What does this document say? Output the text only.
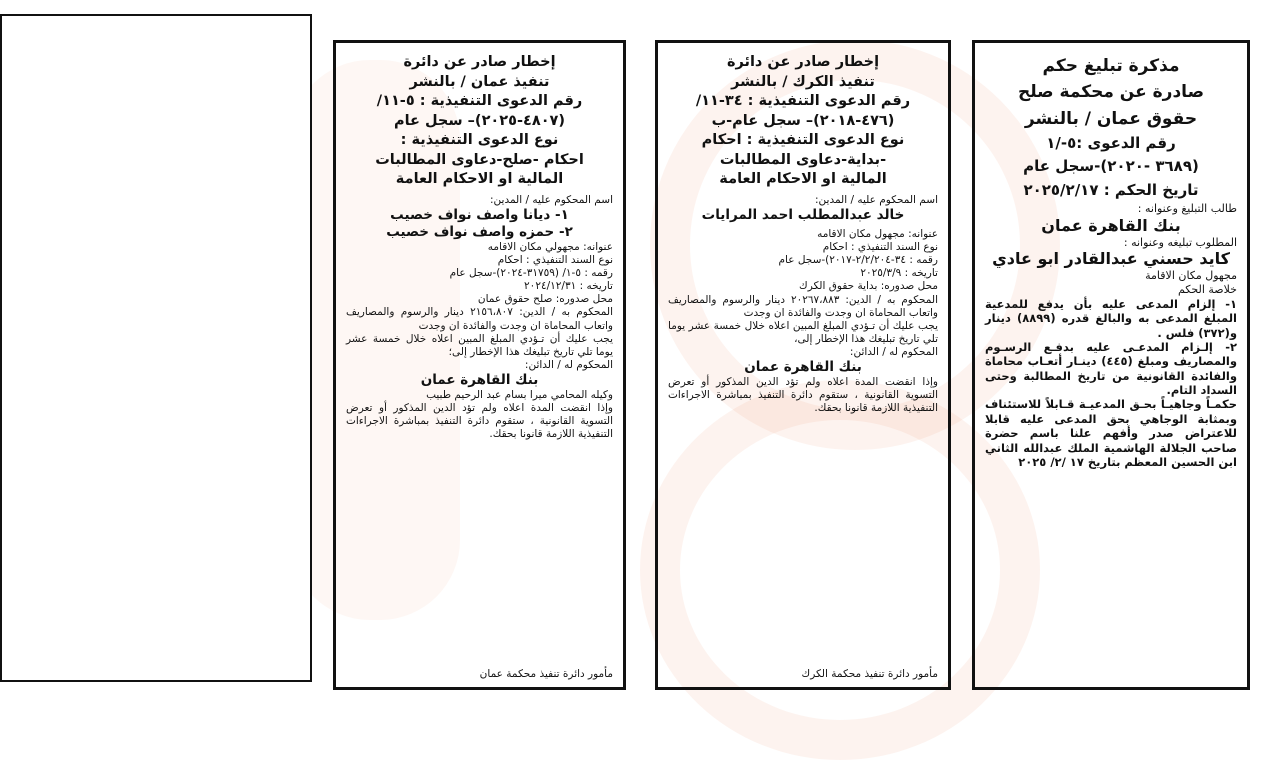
إخطار صادر عن دائرة
تنفيذ عمان / بالنشر
رقم الدعوى التنفيذية : ٥-١١/
(٤٨٠٧-٢٠٢٥)– سجل عام
نوع الدعوى التنفيذية :
احكام -صلح-دعاوى المطالبات
المالية او الاحكام العامة
اسم المحكوم عليه / المدين:
١- ديانا واصف نواف خصيب
٢- حمزه واصف نواف خصيب
عنوانه: مجهولي مكان الاقامه
نوع السند التنفيذي : احكام
رقمه : ٥-١/ (٣١٧٥٩-٢٠٢٤)-سجل عام
تاريخه : ٢٠٢٤/١٢/٣١
محل صدوره: صلح حقوق عمان
المحكوم به / الدين: ٢١٥٦،٨٠٧ دينار والرسوم والمصاريف واتعاب المحاماة ان وجدت والفائدة ان وجدت
يجب عليك أن تـؤدي المبلغ المبين اعلاه خلال خمسة عشر يوما تلي تاريخ تبليغك هذا الإخطار إلى؛
المحكوم له / الدائن:
بنك القاهرة عمان
وكيله المحامي ميرا بسام عبد الرحيم طبيب
وإذا انقضت المدة اعلاه ولم تؤد الدين المذكور أو تعرض التسوية القانونية ، ستقوم دائرة التنفيذ بمباشرة الاجراءات التنفيذية اللازمة قانونا بحقك.
مأمور دائرة تنفيذ محكمة عمان
إخطار صادر عن دائرة
تنفيذ الكرك / بالنشر
رقم الدعوى التنفيذية : ٣٤-١١/
(٤٧٦-٢٠١٨)– سجل عام-ب
نوع الدعوى التنفيذية : احكام
-بداية-دعاوى المطالبات
المالية او الاحكام العامة
اسم المحكوم عليه / المدين:
خالد عبدالمطلب احمد المرايات
عنوانه: مجهول مكان الاقامه
نوع السند التنفيذي : احكام
رقمه : ٣٤-٢/٢/٢٠٤-٢٠١٧)-سجل عام
تاريخه : ٢٠٢٥/٣/٩
محل صدوره: بداية حقوق الكرك
المحكوم به / الدين: ٢٠٢٦٧،٨٨٣ دينار والرسوم والمصاريف واتعاب المحاماة ان وجدت والفائدة ان وجدت
يجب عليك أن تـؤدي المبلغ المبين اعلاه خلال خمسة عشر يوما تلي تاريخ تبليغك هذا الإخطار إلى،
المحكوم له / الدائن:
بنك القاهرة عمان
وإذا انقضت المدة اعلاه ولم تؤد الدين المذكور أو تعرض التسوية القانونية ، ستقوم دائرة التنفيذ بمباشرة الاجراءات التنفيذية اللازمة قانونا بحقك.
مأمور دائرة تنفيذ محكمة الكرك
مذكرة تبليغ حكم
صادرة عن محكمة صلح
حقوق عمان / بالنشر
رقم الدعوى :٥-/١
(٣٦٨٩ -٢٠٢٠)-سجل عام
تاريخ الحكم : ٢٠٢٥/٢/١٧
طالب التبليغ وعنوانه :
بنك القاهرة عمان
المطلوب تبليغه وعنوانه :
كايد حسني عبدالقادر ابو عادي
مجهول مكان الاقامة
خلاصة الحكم
١- إلزام المدعى عليه بأن يدفع للمدعية المبلغ المدعى به والبالغ قدره (٨٨٩٩) دينار و(٣٧٢) فلس .
٢- إلـزام المدعـى عليه بدفـع الرسـوم والمصاريف ومبلغ (٤٤٥) دينـار أتعـاب محاماة والفائدة القانونية من تاريخ المطالبة وحتى السداد التام.
حكمـاً وجاهيـاً بحـق المدعيـة قـابلاً للاستئناف وبمثابة الوجاهي بحق المدعى عليه قابلا للاعتراض صدر وأفهم علنا باسم حضرة صاحب الجلالة الهاشمية الملك عبدالله الثاني ابن الحسين المعظم بتاريخ ١٧ /٢/ ٢٠٢٥
